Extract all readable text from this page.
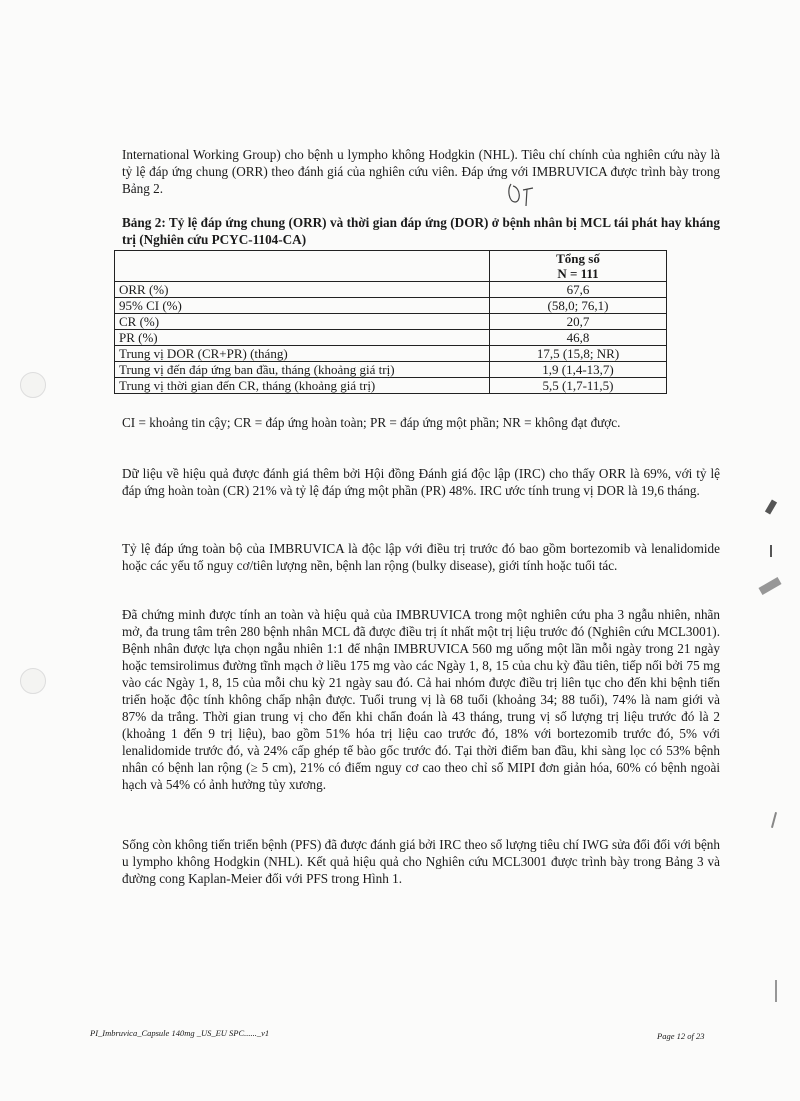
International Working Group) cho bệnh u lympho không Hodgkin (NHL). Tiêu chí chính của nghiên cứu này là tỷ lệ đáp ứng chung (ORR) theo đánh giá của nghiên cứu viên. Đáp ứng với IMBRUVICA được trình bày trong Bảng 2.

Bảng 2: Tỷ lệ đáp ứng chung (ORR) và thời gian đáp ứng (DOR) ở bệnh nhân bị MCL tái phát hay kháng trị (Nghiên cứu PCYC-1104-CA)

	Tổng số
N = 111

ORR (%)	67,6
95% CI (%)	(58,0; 76,1)
CR (%)	20,7
PR (%)	46,8
Trung vị DOR (CR+PR) (tháng)	17,5 (15,8; NR)
Trung vị đến đáp ứng ban đầu, tháng (khoảng giá trị)	1,9 (1,4-13,7)
Trung vị thời gian đến CR, tháng (khoảng giá trị)	5,5 (1,7-11,5)

CI = khoảng tin cậy; CR = đáp ứng hoàn toàn; PR = đáp ứng một phần; NR = không đạt được.

Dữ liệu về hiệu quả được đánh giá thêm bởi Hội đồng Đánh giá độc lập (IRC) cho thấy ORR là 69%, với tỷ lệ đáp ứng hoàn toàn (CR) 21% và tỷ lệ đáp ứng một phần (PR) 48%. IRC ước tính trung vị DOR là 19,6 tháng.

Tỷ lệ đáp ứng toàn bộ của IMBRUVICA là độc lập với điều trị trước đó bao gồm bortezomib và lenalidomide hoặc các yếu tố nguy cơ/tiên lượng nền, bệnh lan rộng (bulky disease), giới tính hoặc tuổi tác.

Đã chứng minh được tính an toàn và hiệu quả của IMBRUVICA trong một nghiên cứu pha 3 ngẫu nhiên, nhãn mở, đa trung tâm trên 280 bệnh nhân MCL đã được điều trị ít nhất một trị liệu trước đó (Nghiên cứu MCL3001). Bệnh nhân được lựa chọn ngẫu nhiên 1:1 để nhận IMBRUVICA 560 mg uống một lần mỗi ngày trong 21 ngày hoặc temsirolimus đường tĩnh mạch ở liều 175 mg vào các Ngày 1, 8, 15 của chu kỳ đầu tiên, tiếp nối bởi 75 mg vào các Ngày 1, 8, 15 của mỗi chu kỳ 21 ngày sau đó. Cả hai nhóm được điều trị liên tục cho đến khi bệnh tiến triển hoặc độc tính không chấp nhận được. Tuổi trung vị là 68 tuổi (khoảng 34; 88 tuổi), 74% là nam giới và 87% da trắng. Thời gian trung vị cho đến khi chẩn đoán là 43 tháng, trung vị số lượng trị liệu trước đó là 2 (khoảng 1 đến 9 trị liệu), bao gồm 51% hóa trị liệu cao trước đó, 18% với bortezomib trước đó, 5% với lenalidomide trước đó, và 24% cấp ghép tế bào gốc trước đó. Tại thời điểm ban đầu, khi sàng lọc có 53% bệnh nhân có bệnh lan rộng (≥ 5 cm), 21% có điểm nguy cơ cao theo chỉ số MIPI đơn giản hóa, 60% có bệnh ngoài hạch và 54% có ảnh hưởng tủy xương.

Sống còn không tiến triển bệnh (PFS) đã được đánh giá bởi IRC theo số lượng tiêu chí IWG sửa đổi đối với bệnh u lympho không Hodgkin (NHL). Kết quả hiệu quả cho Nghiên cứu MCL3001 được trình bày trong Bảng 3 và đường cong Kaplan-Meier đối với PFS trong Hình 1.

PI_Imbruvica_Capsule 140mg _US_EU SPC......_v1	Page 12 of 23
